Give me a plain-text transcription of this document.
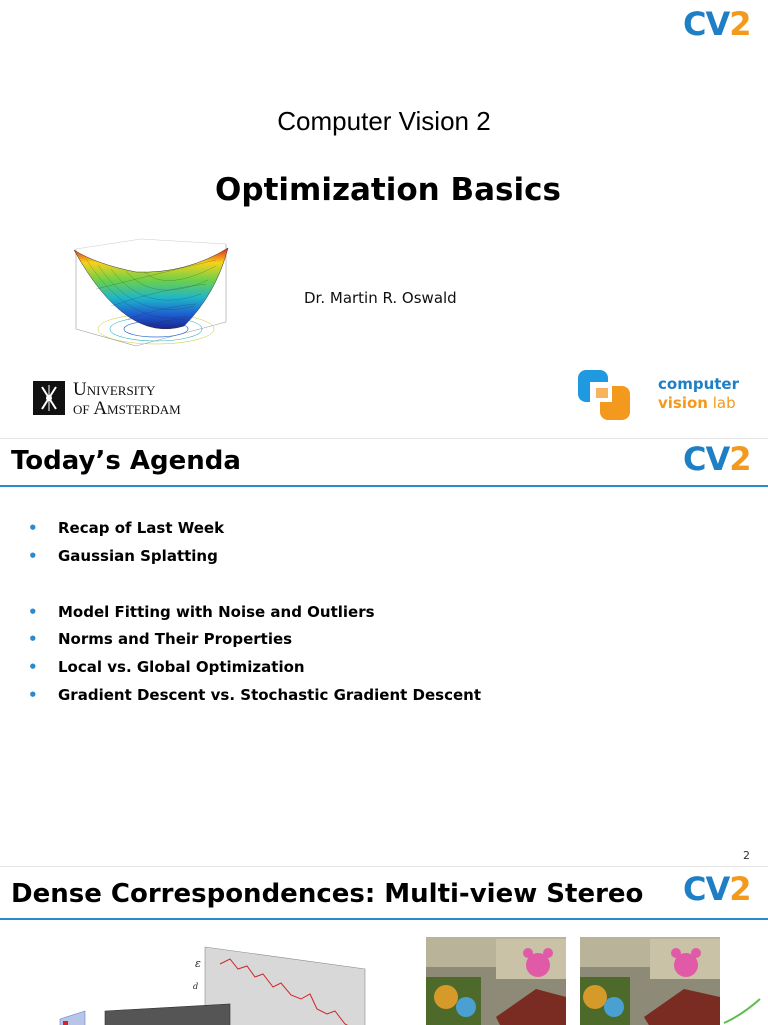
CV2
Computer Vision 2
Optimization Basics
Dr. Martin R. Oswald
University
of Amsterdam
computer
vision lab
Today’s Agenda	CV2
• Recap of Last Week
• Gaussian Splatting
• Model Fitting with Noise and Outliers
• Norms and Their Properties
• Local vs. Global Optimization
• Gradient Descent vs. Stochastic Gradient Descent
2
Dense Correspondences: Multi-view Stereo CV2
ε
d
